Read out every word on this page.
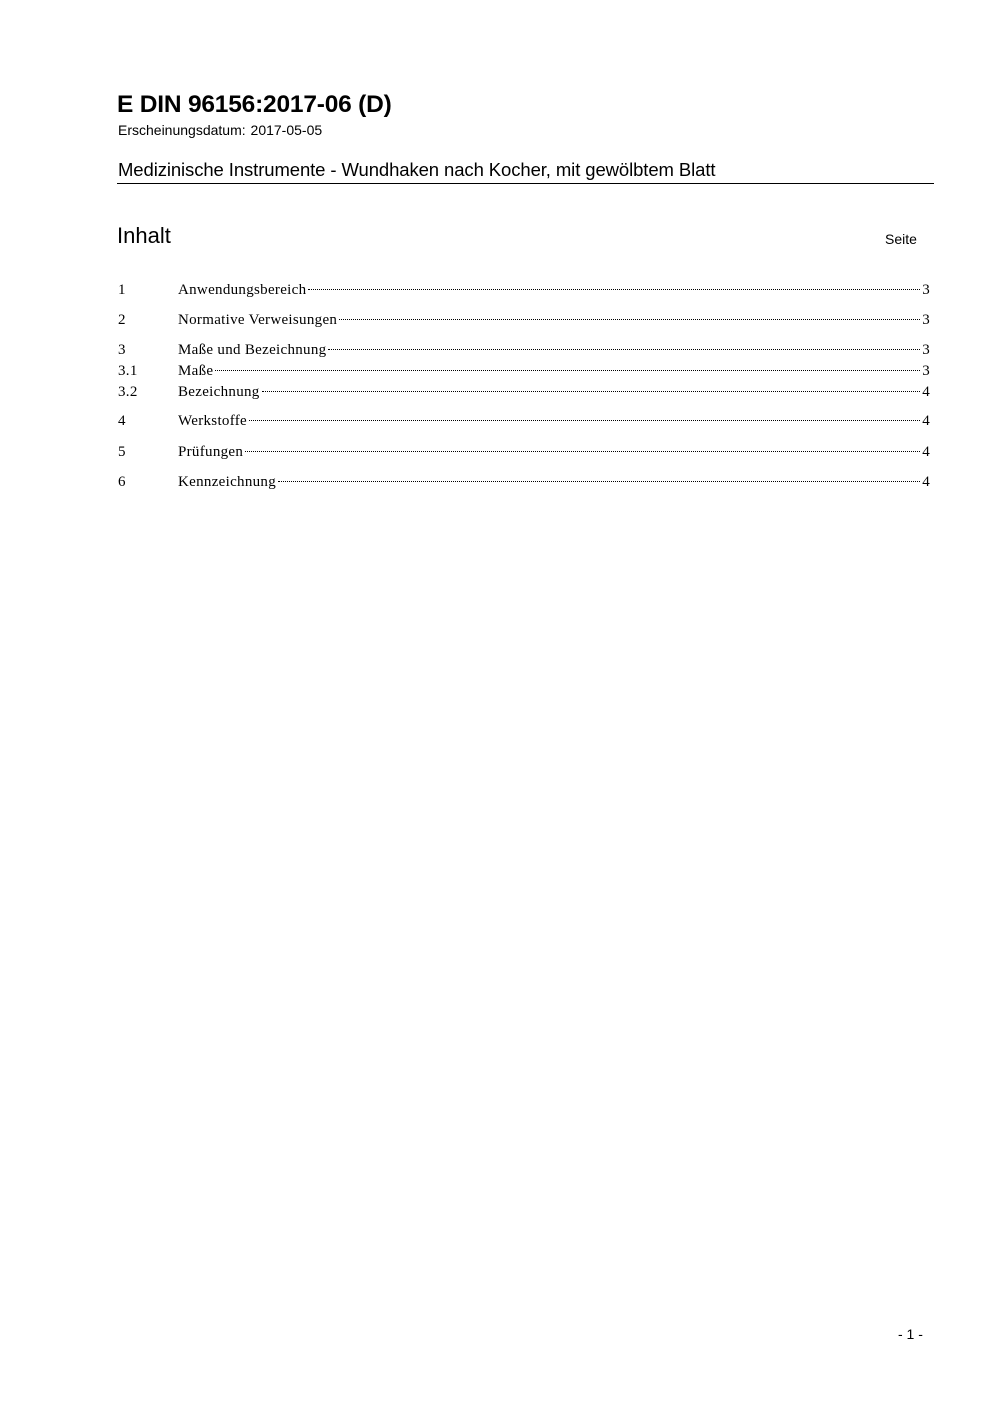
E DIN 96156:2017-06 (D)
Erscheinungsdatum: 2017-05-05
Medizinische Instrumente - Wundhaken nach Kocher, mit gewölbtem Blatt
Inhalt	Seite
1	Anwendungsbereich	3
2	Normative Verweisungen	3
3	Maße und Bezeichnung	3
3.1	Maße	3
3.2	Bezeichnung	4
4	Werkstoffe	4
5	Prüfungen	4
6	Kennzeichnung	4
- 1 -
